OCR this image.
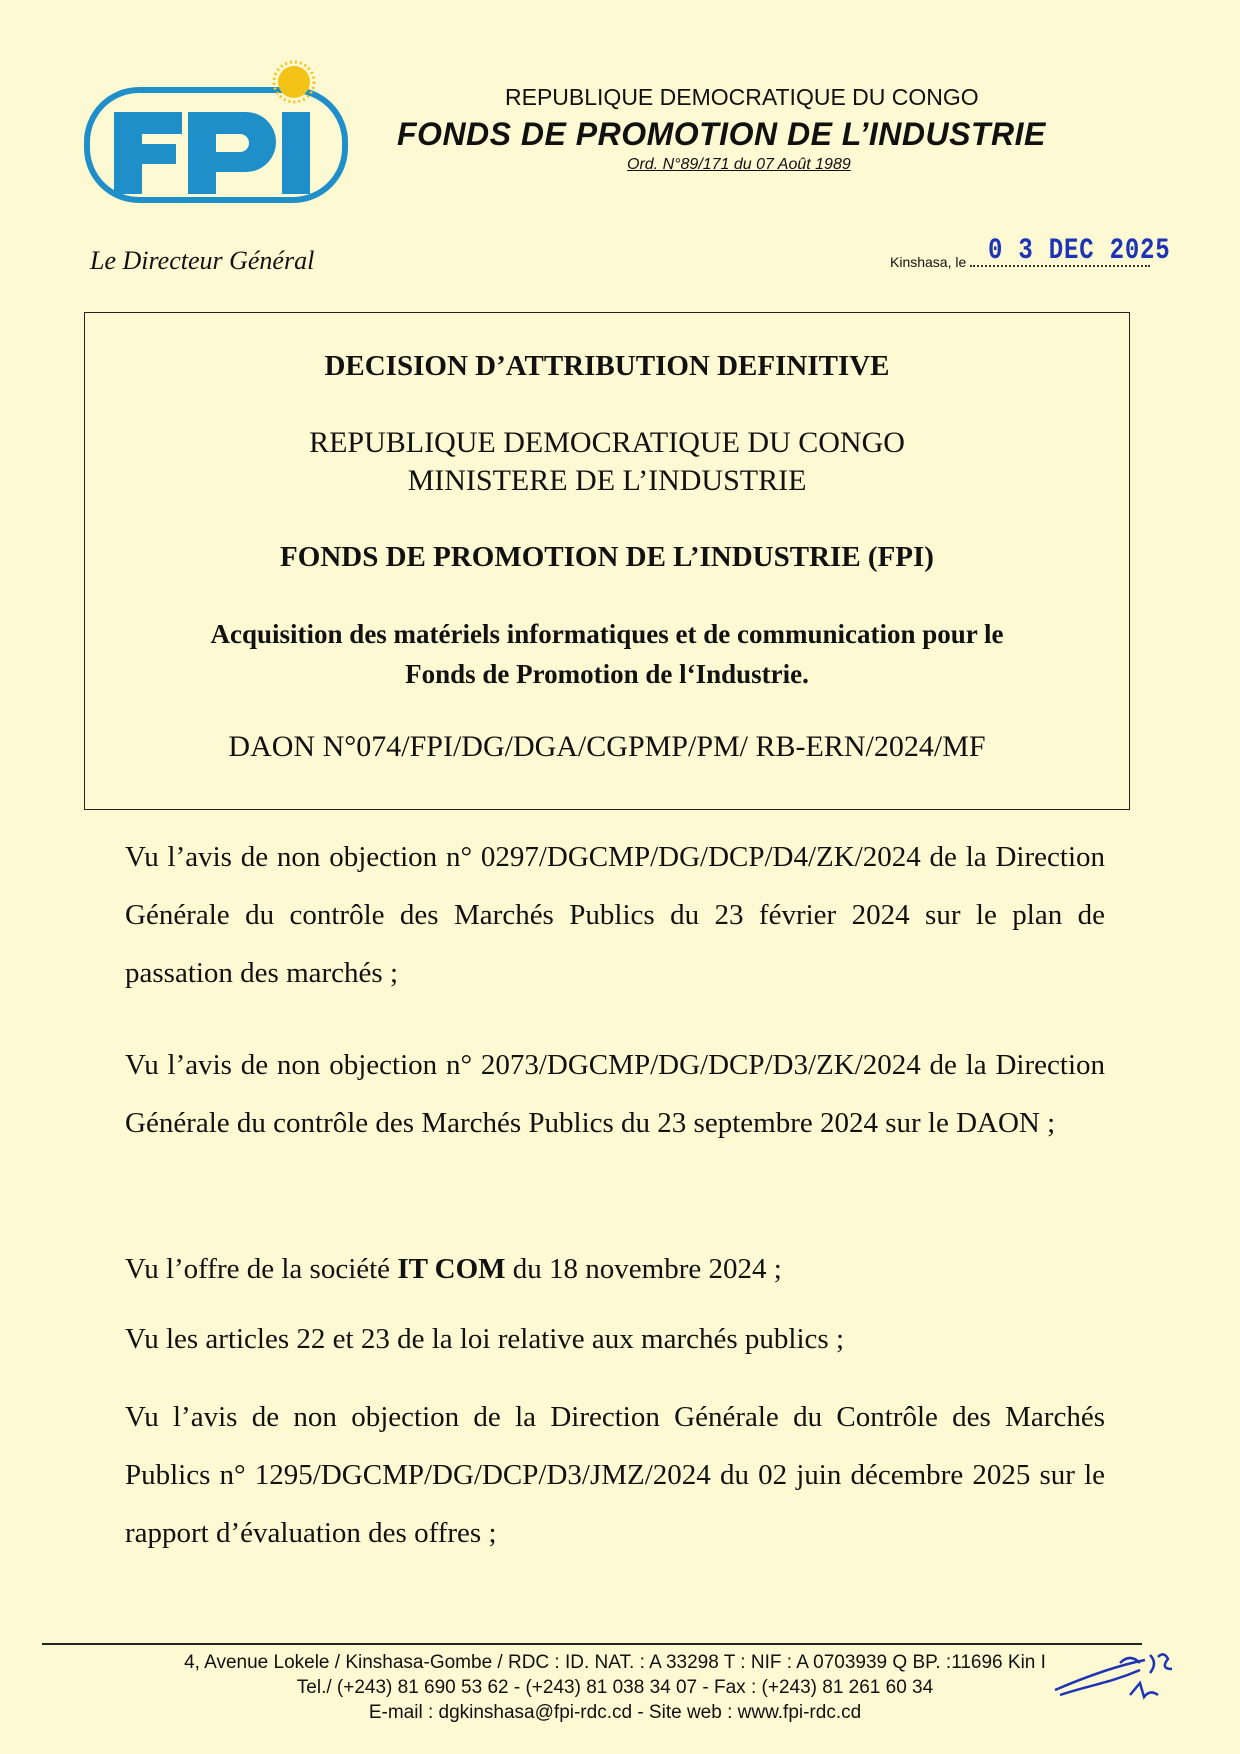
REPUBLIQUE DEMOCRATIQUE DU CONGO
FONDS DE PROMOTION DE L’INDUSTRIE
Ord. N°89/171 du 07 Août 1989
Le Directeur Général	Kinshasa, le 0 3 DEC 2025
DECISION D’ATTRIBUTION DEFINITIVE
REPUBLIQUE DEMOCRATIQUE DU CONGO
MINISTERE DE L’INDUSTRIE
FONDS DE PROMOTION DE L’INDUSTRIE (FPI)
Acquisition des matériels informatiques et de communication pour le
Fonds de Promotion de l‘Industrie.
DAON N°074/FPI/DG/DGA/CGPMP/PM/ RB-ERN/2024/MF
Vu l’avis de non objection n° 0297/DGCMP/DG/DCP/D4/ZK/2024 de la Direction Générale du contrôle des Marchés Publics du 23 février 2024 sur le plan de passation des marchés ;
Vu l’avis de non objection n° 2073/DGCMP/DG/DCP/D3/ZK/2024 de la Direction Générale du contrôle des Marchés Publics du 23 septembre 2024 sur le DAON ;
Vu l’offre de la société IT COM du 18 novembre 2024 ;
Vu les articles 22 et 23 de la loi relative aux marchés publics ;
Vu l’avis de non objection de la Direction Générale du Contrôle des Marchés Publics n° 1295/DGCMP/DG/DCP/D3/JMZ/2024 du 02 juin décembre 2025 sur le rapport d’évaluation des offres ;
4, Avenue Lokele / Kinshasa-Gombe / RDC : ID. NAT. : A 33298 T : NIF : A 0703939 Q BP. :11696 Kin I
Tel./ (+243) 81 690 53 62 - (+243) 81 038 34 07 - Fax : (+243) 81 261 60 34
E-mail : dgkinshasa@fpi-rdc.cd - Site web : www.fpi-rdc.cd
